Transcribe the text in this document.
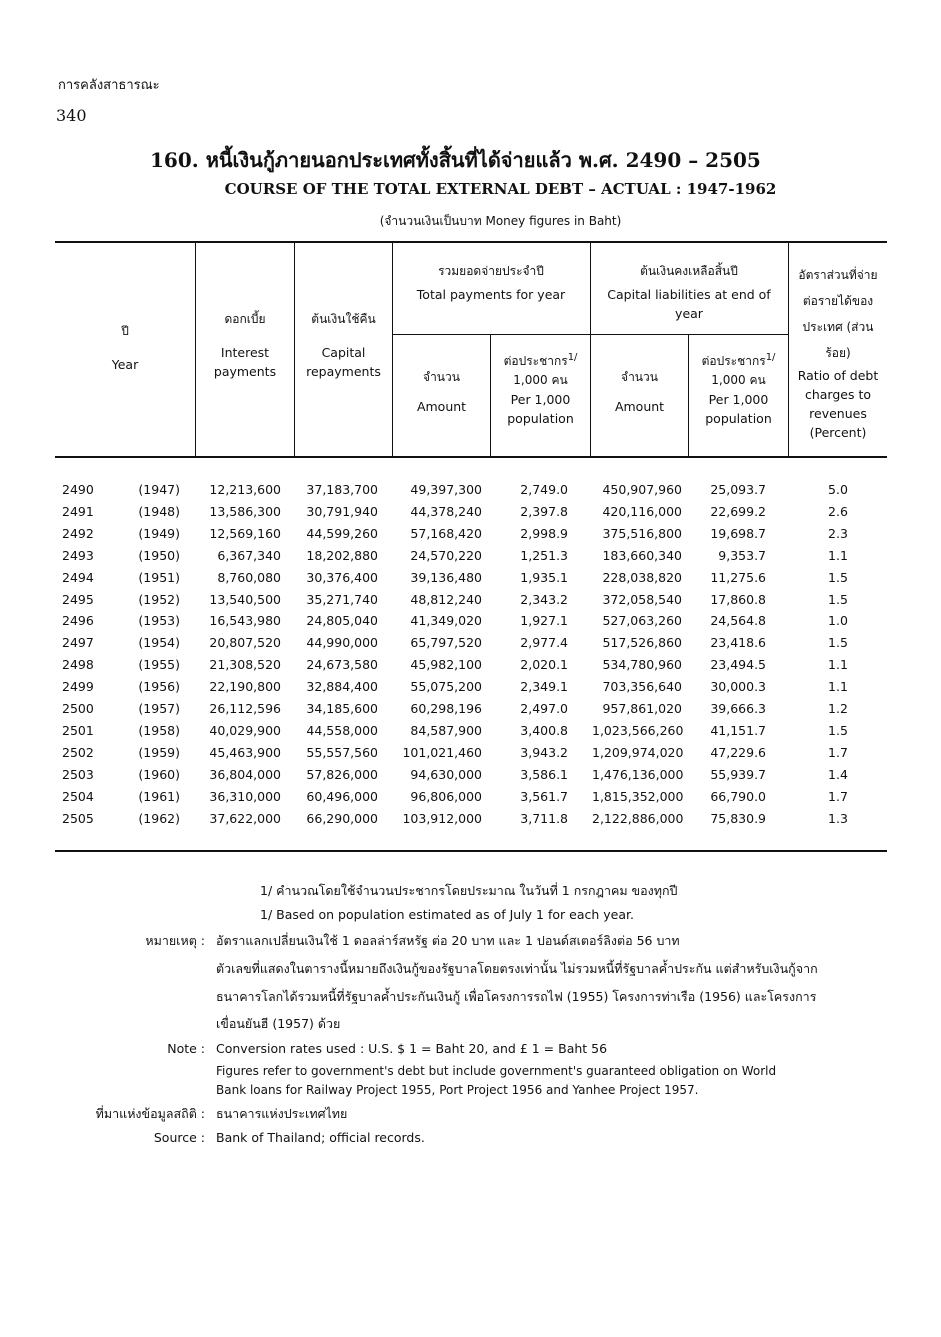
การคลังสาธารณะ
340
160. หนี้เงินกู้ภายนอกประเทศทั้งสิ้นที่ได้จ่ายแล้ว พ.ศ. 2490 – 2505
COURSE OF THE TOTAL EXTERNAL DEBT – ACTUAL : 1947-1962
(จำนวนเงินเป็นบาท Money figures in Baht)
ปี
Year
ดอกเบี้ย
Interest payments
ต้นเงินใช้คืน
Capital repayments
รวมยอดจ่ายประจำปี
Total payments for year
ต้นเงินคงเหลือสิ้นปี
Capital liabilities at end of year
จำนวน
Amount
ต่อประชากร$^{1/}$
1,000 คน
Per 1,000 population
จำนวน
Amount
ต่อประชากร$^{1/}$
1,000 คน
Per 1,000 population
อัตราส่วนที่จ่ายต่อรายได้ของประเทศ (ส่วนร้อย)
Ratio of debt charges to revenues (Percent)
2490	(1947)	12,213,600	37,183,700	49,397,300	2,749.0	450,907,960	25,093.7	5.0
2491	(1948)	13,586,300	30,791,940	44,378,240	2,397.8	420,116,000	22,699.2	2.6
2492	(1949)	12,569,160	44,599,260	57,168,420	2,998.9	375,516,800	19,698.7	2.3
2493	(1950)	6,367,340	18,202,880	24,570,220	1,251.3	183,660,340	9,353.7	1.1
2494	(1951)	8,760,080	30,376,400	39,136,480	1,935.1	228,038,820	11,275.6	1.5
2495	(1952)	13,540,500	35,271,740	48,812,240	2,343.2	372,058,540	17,860.8	1.5
2496	(1953)	16,543,980	24,805,040	41,349,020	1,927.1	527,063,260	24,564.8	1.0
2497	(1954)	20,807,520	44,990,000	65,797,520	2,977.4	517,526,860	23,418.6	1.5
2498	(1955)	21,308,520	24,673,580	45,982,100	2,020.1	534,780,960	23,494.5	1.1
2499	(1956)	22,190,800	32,884,400	55,075,200	2,349.1	703,356,640	30,000.3	1.1
2500	(1957)	26,112,596	34,185,600	60,298,196	2,497.0	957,861,020	39,666.3	1.2
2501	(1958)	40,029,900	44,558,000	84,587,900	3,400.8 1,023,566,260	41,151.7	1.5
2502	(1959)	45,463,900	55,557,560	101,021,460	3,943.2 1,209,974,020	47,229.6	1.7
2503	(1960)	36,804,000	57,826,000	94,630,000	3,586.1 1,476,136,000	55,939.7	1.4
2504	(1961)	36,310,000	60,496,000	96,806,000	3,561.7 1,815,352,000	66,790.0	1.7
2505	(1962)	37,622,000	66,290,000	103,912,000	3,711.8 2,122,886,000	75,830.9	1.3
1/ คำนวณโดยใช้จำนวนประชากรโดยประมาณ ในวันที่ 1 กรกฎาคม ของทุกปี
1/ Based on population estimated as of July 1 for each year.
หมายเหตุ : อัตราแลกเปลี่ยนเงินใช้ 1 ดอลล่าร์สหรัฐ ต่อ 20 บาท และ 1 ปอนด์สเตอร์ลิงต่อ 56 บาท
ตัวเลขที่แสดงในตารางนี้หมายถึงเงินกู้ของรัฐบาลโดยตรงเท่านั้น ไม่รวมหนี้ที่รัฐบาลค้ำประกัน แต่สำหรับเงินกู้จาก
ธนาคารโลกได้รวมหนี้ที่รัฐบาลค้ำประกันเงินกู้ เพื่อโครงการรถไฟ (1955) โครงการท่าเรือ (1956) และโครงการ
เขื่อนยันฮี (1957) ด้วย
Note : Conversion rates used : U.S. $ 1 = Baht 20, and £ 1 = Baht 56
Figures refer to government's debt but include government's guaranteed obligation on World
Bank loans for Railway Project 1955, Port Project 1956 and Yanhee Project 1957.
ที่มาแห่งข้อมูลสถิติ : ธนาคารแห่งประเทศไทย
Source : Bank of Thailand; official records.
